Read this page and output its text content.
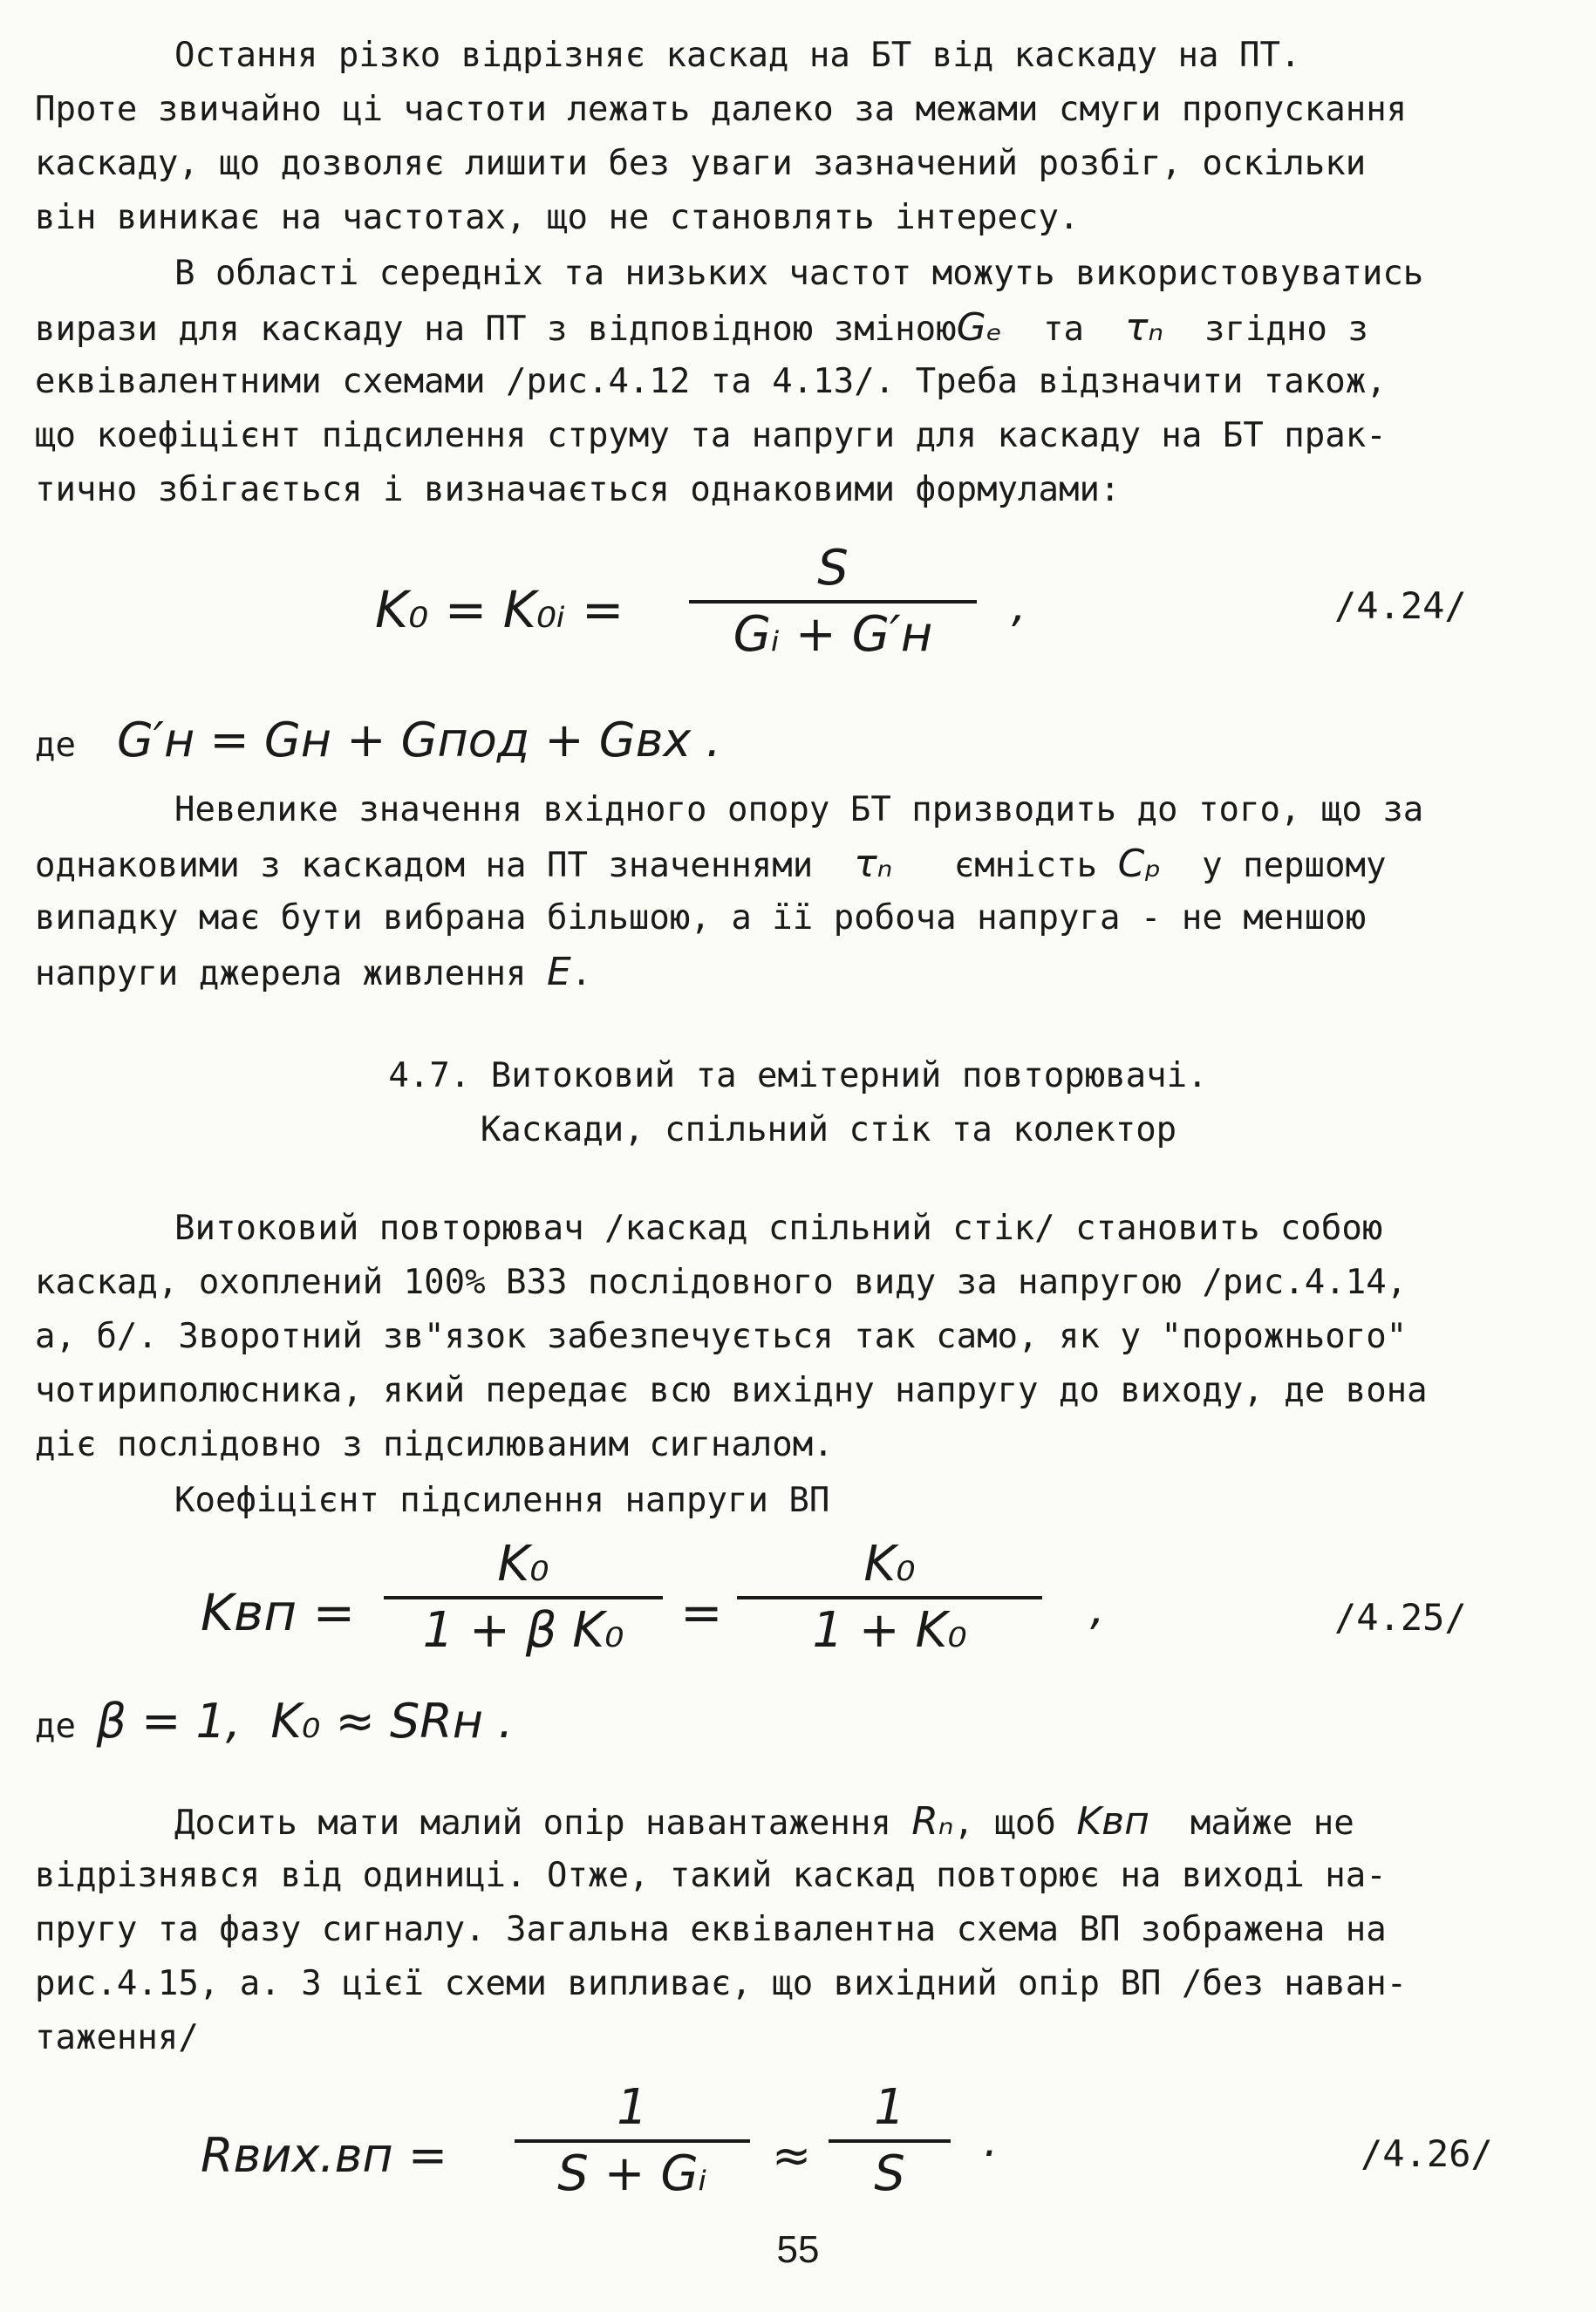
Остання різко відрізняє каскад на БТ від каскаду на ПТ.
Проте звичайно ці частоти лежать далеко за межами смуги пропускання
каскаду, що дозволяє лишити без уваги зазначений розбіг, оскільки
він виникає на частотах, що не становлять інтересу.
В області середніх та низьких частот можуть використовуватись
вирази для каскаду на ПТ з відповідною зміноюGₑ та τₙ згідно з
еквівалентними схемами /рис.4.12 та 4.13/. Треба відзначити також,
що коефіцієнт підсилення струму та напруги для каскаду на БТ прак-
тично збігається і визначається однаковими формулами:
K₀ = K₀ᵢ =
S
Gᵢ + G′н	,	/4.24/
де G′н = Gн + Gпод + Gвх .
Невелике значення вхідного опору БТ призводить до того, що за
однаковими з каскадом на ПТ значеннями τₙ ємність Cₚ у першому
випадку має бути вибрана більшою, а її робоча напруга - не меншою
напруги джерела живлення E.
4.7. Витоковий та емітерний повторювачі.
Каскади, спільний стік та колектор
Витоковий повторювач /каскад спільний стік/ становить собою
каскад, охоплений 100% ВЗЗ послідовного виду за напругою /рис.4.14,
а, б/. Зворотний зв"язок забезпечується так само, як у "порожнього"
чотириполюсника, який передає всю вихідну напругу до виходу, де вона
діє послідовно з підсилюваним сигналом.
Коефіцієнт підсилення напруги ВП
Kвп =
K₀
1 + β K₀	=
K₀
1 + K₀	,	/4.25/
де β = 1,  K₀ ≈ SRн .
Досить мати малий опір навантаження Rₙ, щоб Kвп майже не
відрізнявся від одиниці. Отже, такий каскад повторює на виході на-
пругу та фазу сигналу. Загальна еквівалентна схема ВП зображена на
рис.4.15, а. З цієї схеми випливає, що вихідний опір ВП /без наван-
таження/
Rвих.вп =
1
S + Gᵢ	≈
1
S	·	/4.26/
55
